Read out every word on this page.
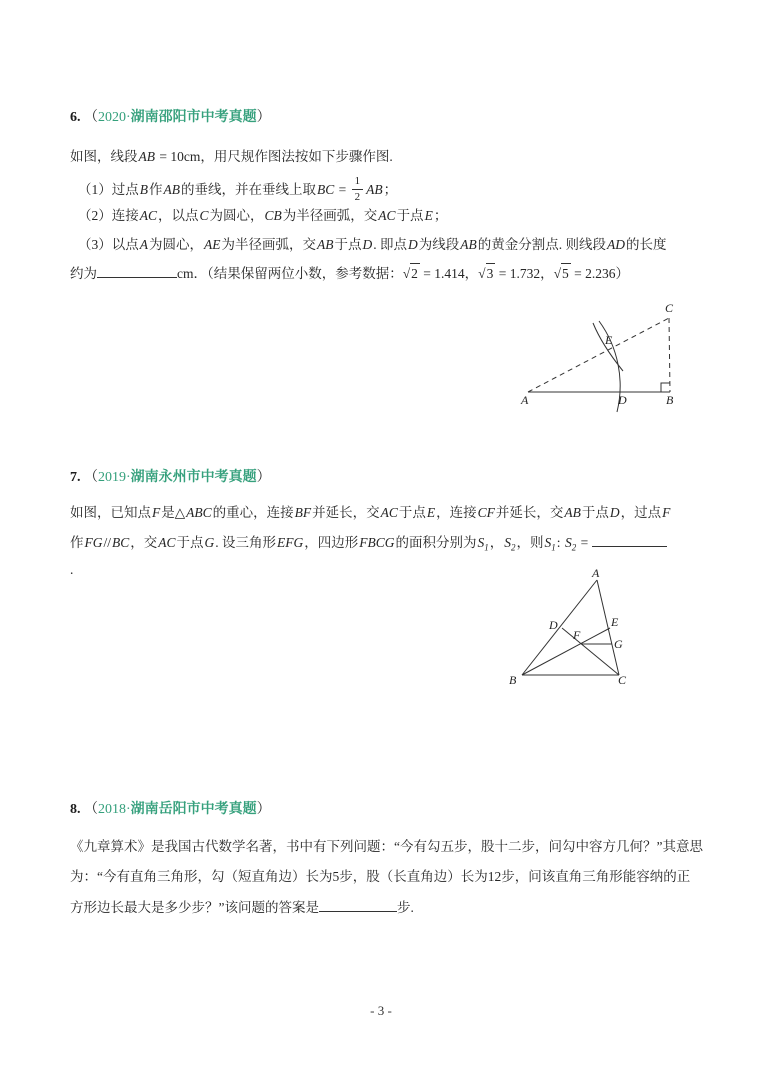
6. （2020·湖南邵阳市中考真题）
如图，线段AB = 10cm，用尺规作图法按如下步骤作图.
（1）过点B作AB的垂线，并在垂线上取BC = $\frac{1}{2}$ AB；
（2）连接AC，以点C为圆心，CB为半径画弧，交AC于点E；
（3）以点A为圆心，AE为半径画弧，交AB于点D. 即点D为线段AB的黄金分割点. 则线段AD的长度
约为	cm．（结果保留两位小数，参考数据：√2 = 1.414，√3 = 1.732，√5 = 2.236）
A	B
C
D
E
7. （2019·湖南永州市中考真题）
如图，已知点F是△ABC的重心，连接BF并延长，交AC于点E，连接CF并延长，交AB于点D，过点F
作FG//BC，交AC于点G. 设三角形EFG，四边形FBCG的面积分别为$S_1$，$S_2$，则$S_1$: $S_2$ =
.	A
B	C
D	E
F
G
8. （2018·湖南岳阳市中考真题）
《九章算术》是我国古代数学名著，书中有下列问题：“今有勾五步，股十二步，问勾中容方几何？”其意思
为：“今有直角三角形，勾（短直角边）长为5步，股（长直角边）长为12步，问该直角三角形能容纳的正
方形边长最大是多少步？”该问题的答案是	步.
- 3 -
